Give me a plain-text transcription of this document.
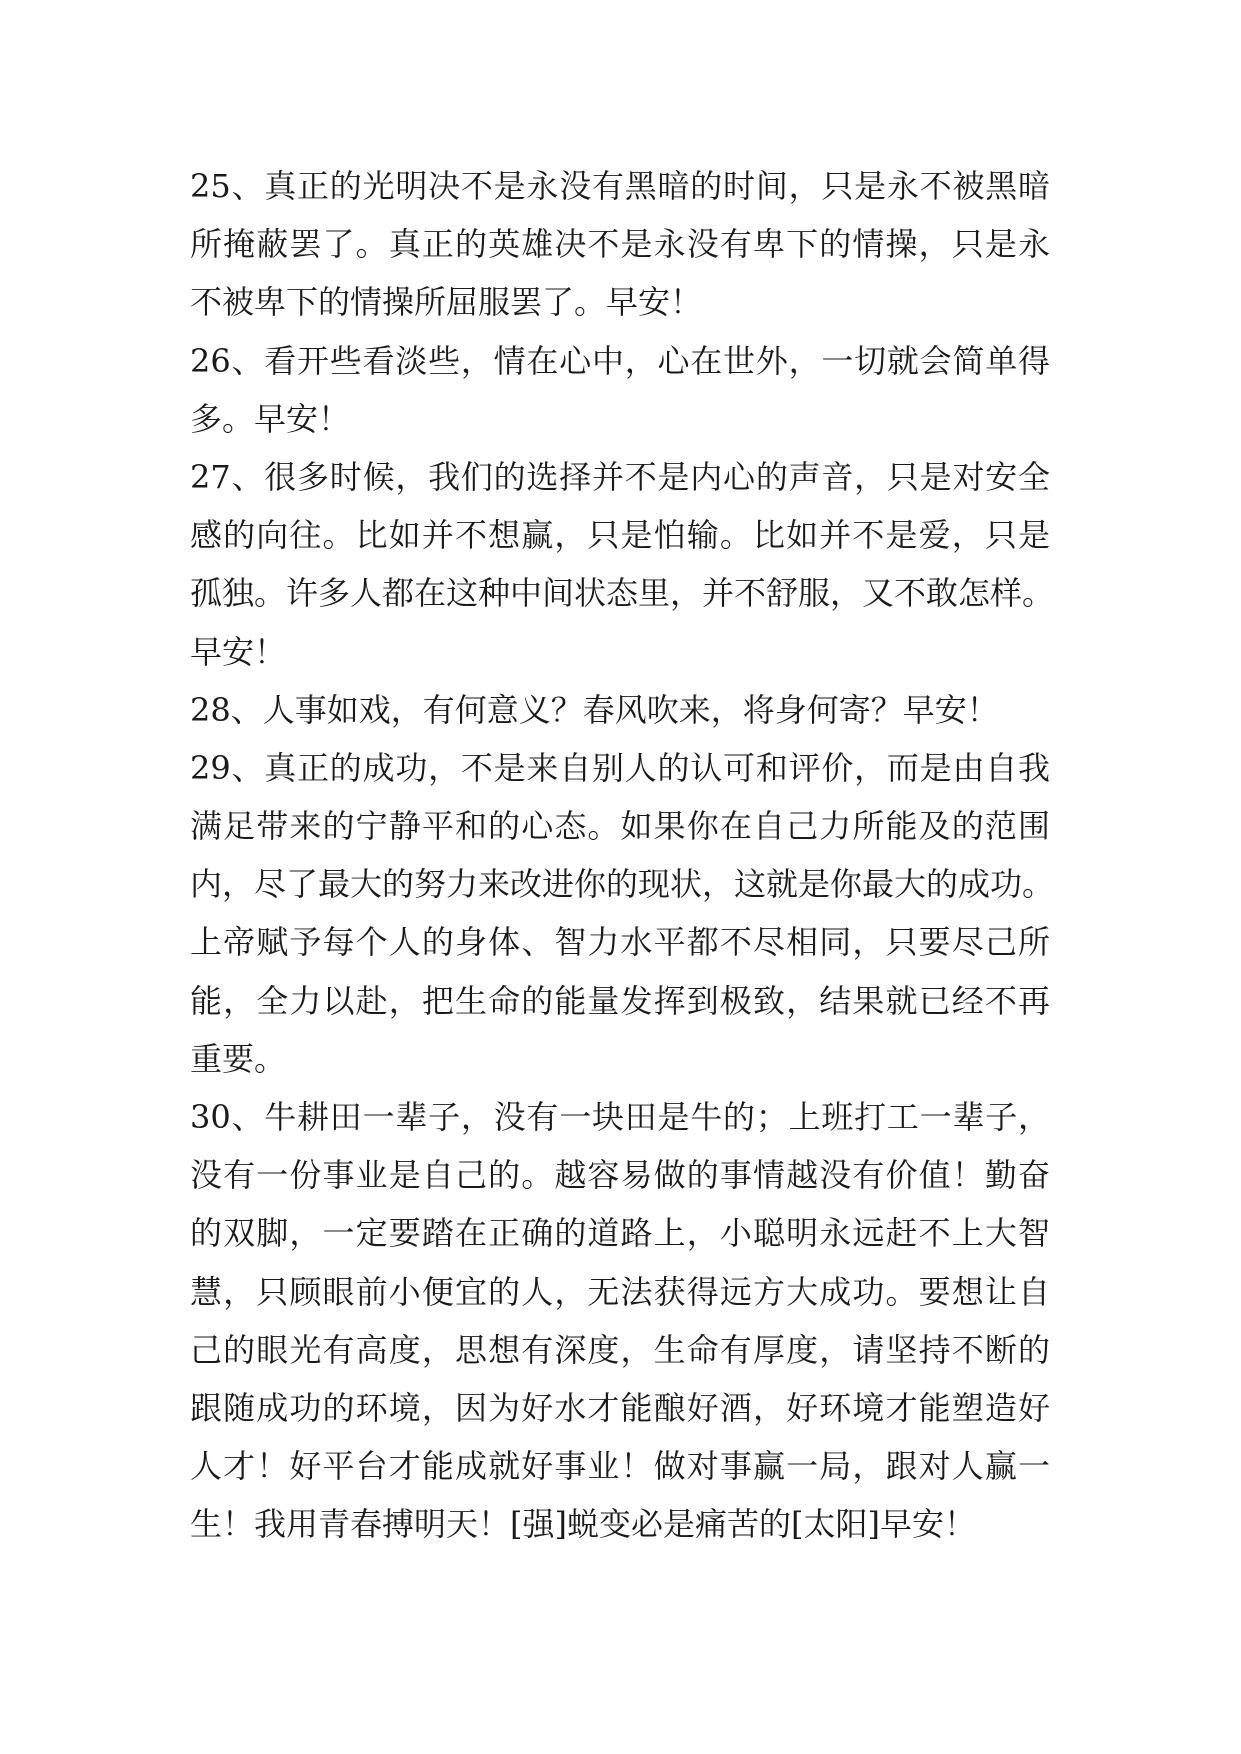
25、真正的光明决不是永没有黑暗的时间，只是永不被黑暗
所掩蔽罢了。真正的英雄决不是永没有卑下的情操，只是永
不被卑下的情操所屈服罢了。早安！
26、看开些看淡些，情在心中，心在世外，一切就会简单得
多。早安！
27、很多时候，我们的选择并不是内心的声音，只是对安全
感的向往。比如并不想赢，只是怕输。比如并不是爱，只是
孤独。许多人都在这种中间状态里，并不舒服，又不敢怎样。
早安！
28、人事如戏，有何意义？春风吹来，将身何寄？早安！
29、真正的成功，不是来自别人的认可和评价，而是由自我
满足带来的宁静平和的心态。如果你在自己力所能及的范围
内，尽了最大的努力来改进你的现状，这就是你最大的成功。
上帝赋予每个人的身体、智力水平都不尽相同，只要尽己所
能，全力以赴，把生命的能量发挥到极致，结果就已经不再
重要。
30、牛耕田一辈子，没有一块田是牛的；上班打工一辈子，
没有一份事业是自己的。越容易做的事情越没有价值！勤奋
的双脚，一定要踏在正确的道路上，小聪明永远赶不上大智
慧，只顾眼前小便宜的人，无法获得远方大成功。要想让自
己的眼光有高度，思想有深度，生命有厚度，请坚持不断的
跟随成功的环境，因为好水才能酿好酒，好环境才能塑造好
人才！好平台才能成就好事业！做对事赢一局，跟对人赢一
生！我用青春搏明天！[强]蜕变必是痛苦的[太阳]早安！
